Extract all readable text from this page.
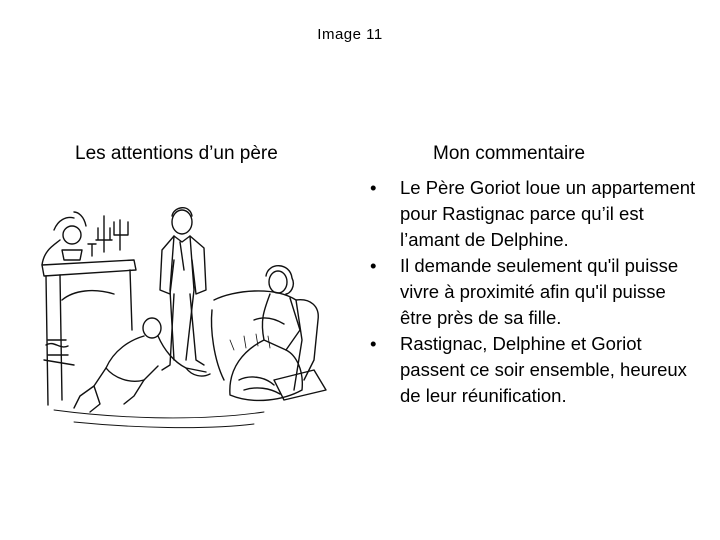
Image 11
Les attentions d’un père	Mon commentaire
•	Le Père Goriot loue un appartement pour Rastignac parce qu’il est l’amant de Delphine.
•	Il demande seulement qu'il puisse vivre à proximité afin qu'il puisse être près de sa fille.
•	Rastignac, Delphine et Goriot passent ce soir ensemble, heureux de leur réunification.
